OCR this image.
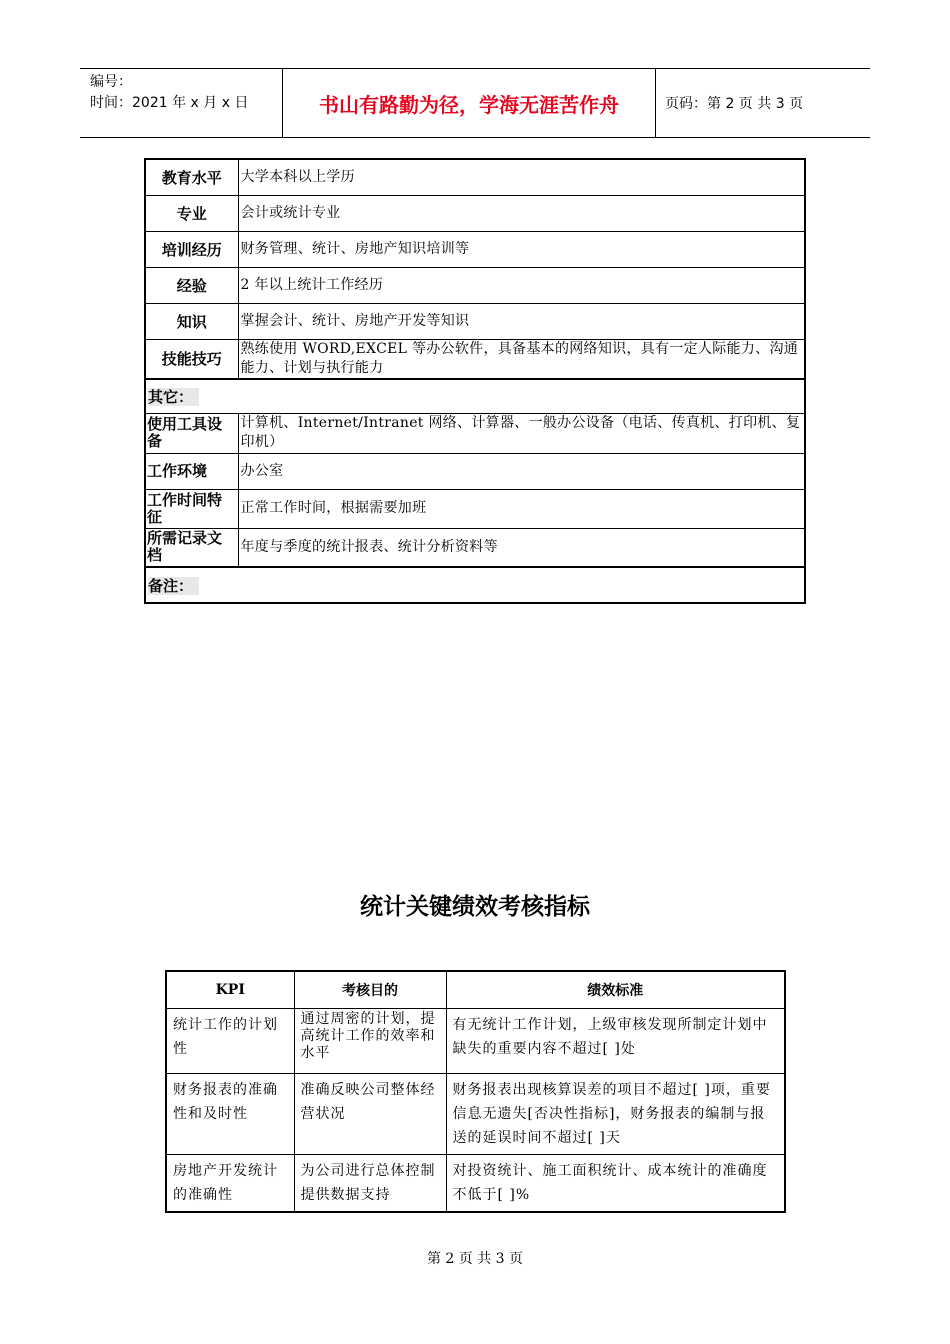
编号：
时间：2021 年 x 月 x 日	书山有路勤为径，学海无涯苦作舟	页码：第 2 页 共 3 页
教育水平	大学本科以上学历
专业	会计或统计专业
培训经历	财务管理、统计、房地产知识培训等
经验	2 年以上统计工作经历
知识	掌握会计、统计、房地产开发等知识
技能技巧	熟练使用 WORD,EXCEL 等办公软件，具备基本的网络知识，具有一定人际能力、沟通能力、计划与执行能力
其它：	
使用工具设备	计算机、Internet/Intranet 网络、计算器、一般办公设备（电话、传真机、打印机、复印机）
工作环境	办公室
工作时间特征	正常工作时间，根据需要加班
所需记录文档	年度与季度的统计报表、统计分析资料等
备注：	
统计关键绩效考核指标
KPI	考核目的	绩效标准
统计工作的计划性	通过周密的计划，提高统计工作的效率和水平	有无统计工作计划，上级审核发现所制定计划中缺失的重要内容不超过[ ]处
财务报表的准确性和及时性	准确反映公司整体经营状况	财务报表出现核算误差的项目不超过[ ]项，重要信息无遗失[否决性指标]，财务报表的编制与报送的延误时间不超过[ ]天
房地产开发统计的准确性	为公司进行总体控制提供数据支持	对投资统计、施工面积统计、成本统计的准确度不低于[ ]%
第 2 页 共 3 页
